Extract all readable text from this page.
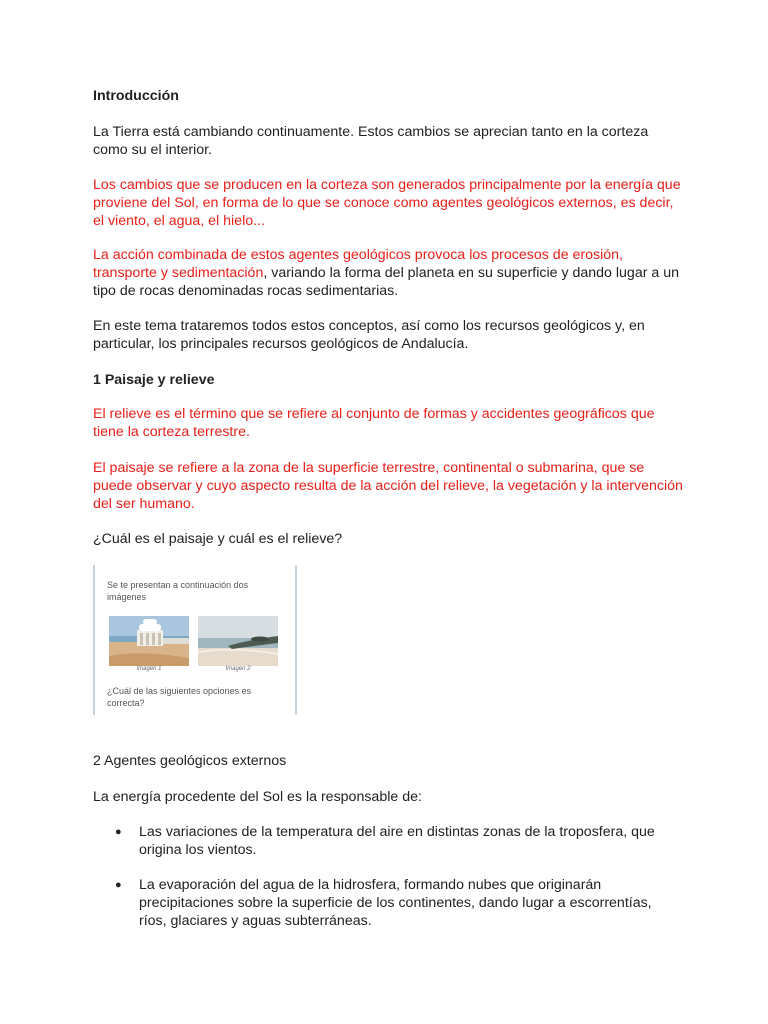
Introducción
La Tierra está cambiando continuamente. Estos cambios se aprecian tanto en la corteza como su el interior.
Los cambios que se producen en la corteza son generados principalmente por la energía que proviene del Sol, en forma de lo que se conoce como agentes geológicos externos, es decir, el viento, el agua, el hielo...
La acción combinada de estos agentes geológicos provoca los procesos de erosión, transporte y sedimentación, variando la forma del planeta en su superficie y dando lugar a un tipo de rocas denominadas rocas sedimentarias.
En este tema trataremos todos estos conceptos, así como los recursos geológicos y, en particular, los principales recursos geológicos de Andalucía.
1 Paisaje y relieve
El relieve es el término que se refiere al conjunto de formas y accidentes geográficos que tiene la corteza terrestre.
El paisaje se refiere a la zona de la superficie terrestre, continental o submarina, que se puede observar y cuyo aspecto resulta de la acción del relieve, la vegetación y la intervención del ser humano.
¿Cuál es el paisaje y cuál es el relieve?
Se te presentan a continuación dos imágenes
Imagen 1	Imagen 2
¿Cuál de las siguientes opciones es correcta?
2 Agentes geológicos externos
La energía procedente del Sol es la responsable de:
● Las variaciones de la temperatura del aire en distintas zonas de la troposfera, que origina los vientos.
● La evaporación del agua de la hidrosfera, formando nubes que originarán precipitaciones sobre la superficie de los continentes, dando lugar a escorrentías, ríos, glaciares y aguas subterráneas.
